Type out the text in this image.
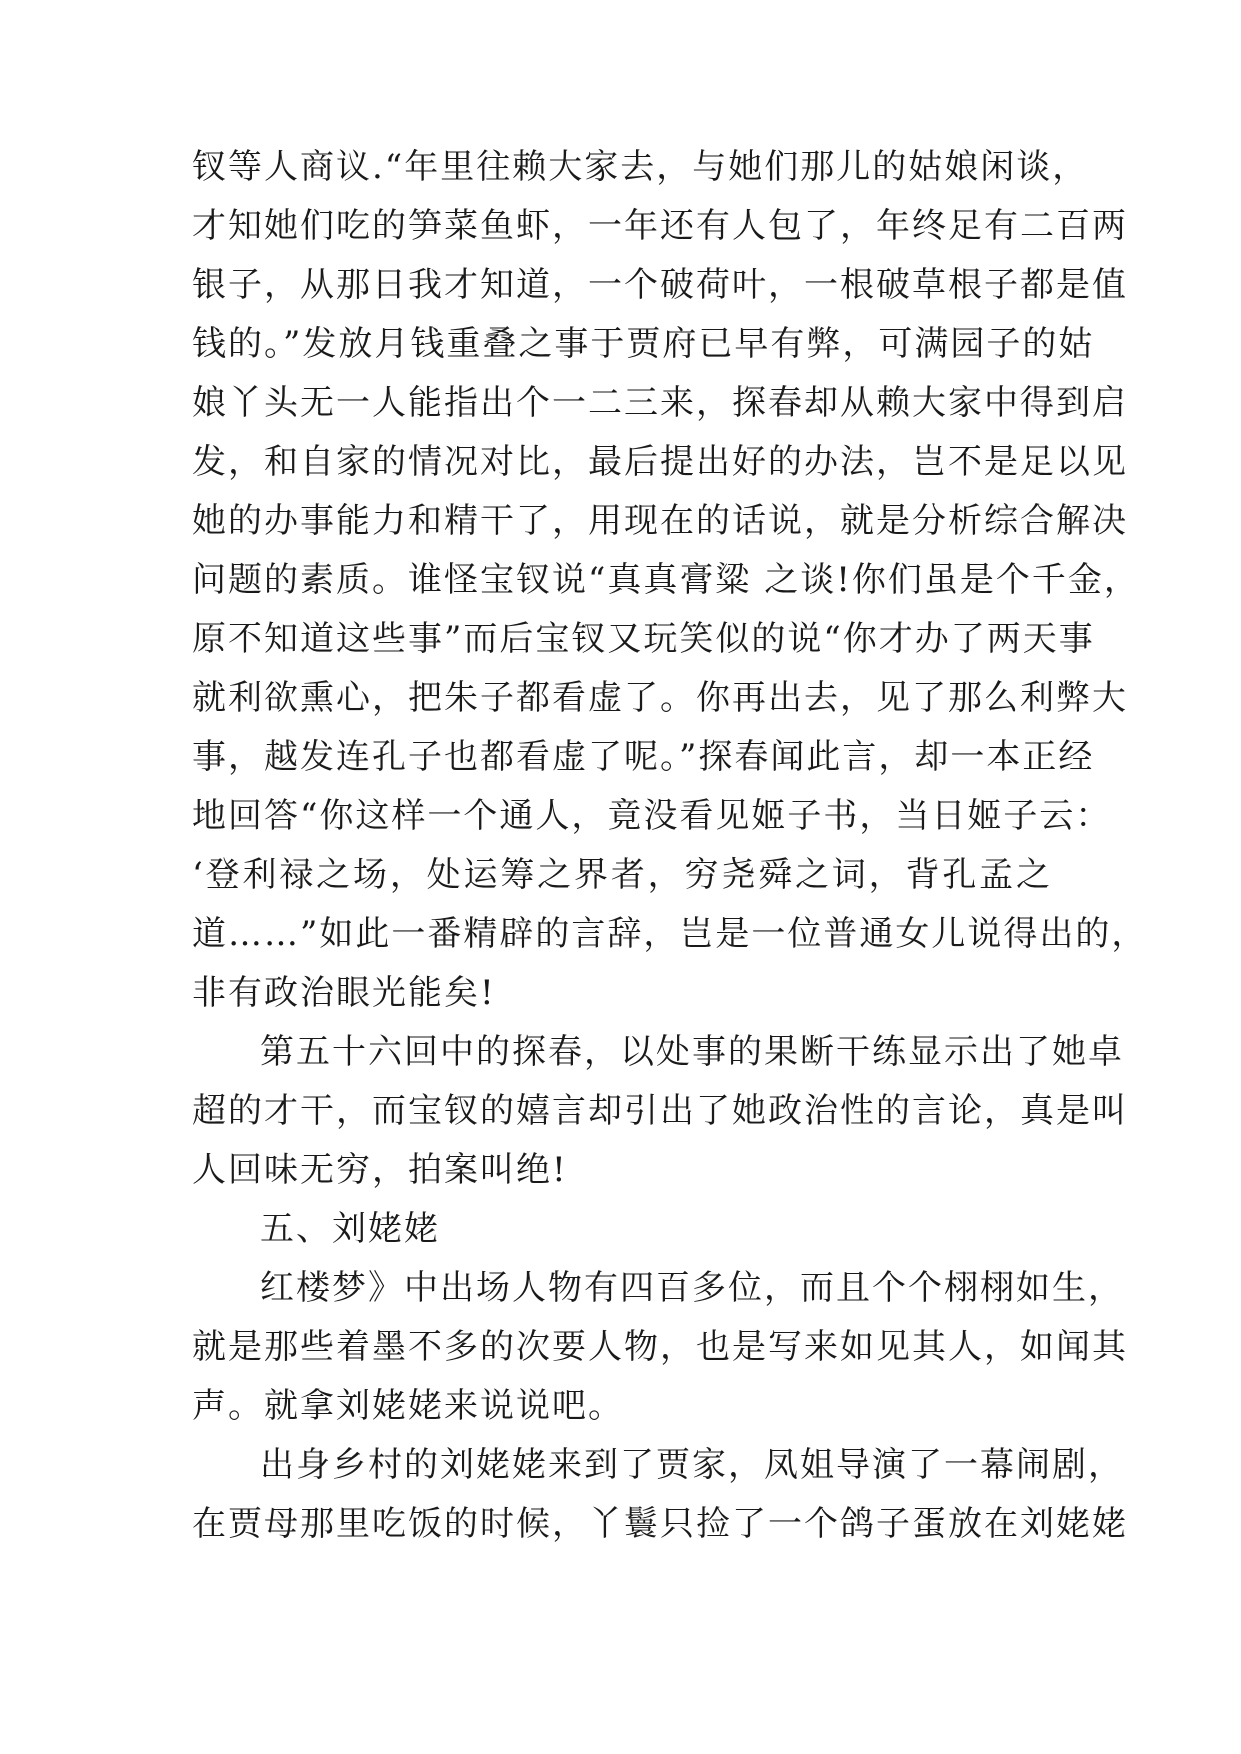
钗等人商议.“年里往赖大家去，与她们那儿的姑娘闲谈，
才知她们吃的笋菜鱼虾，一年还有人包了，年终足有二百两
银子，从那日我才知道，一个破荷叶，一根破草根子都是值
钱的。”发放月钱重叠之事于贾府已早有弊，可满园子的姑
娘丫头无一人能指出个一二三来，探春却从赖大家中得到启
发，和自家的情况对比，最后提出好的办法，岂不是足以见
她的办事能力和精干了，用现在的话说，就是分析综合解决
问题的素质。谁怪宝钗说“真真膏粱 之谈!你们虽是个千金，
原不知道这些事”而后宝钗又玩笑似的说“你才办了两天事
就利欲熏心，把朱子都看虚了。你再出去，见了那么利弊大
事，越发连孔子也都看虚了呢。”探春闻此言，却一本正经
地回答“你这样一个通人，竟没看见姬子书，当日姬子云：
‘登利禄之场，处运筹之界者，穷尧舜之词，背孔孟之
道……”如此一番精辟的言辞，岂是一位普通女儿说得出的，
非有政治眼光能矣!
第五十六回中的探春，以处事的果断干练显示出了她卓
超的才干，而宝钗的嬉言却引出了她政治性的言论，真是叫
人回味无穷，拍案叫绝!
五、刘姥姥
红楼梦》中出场人物有四百多位，而且个个栩栩如生，
就是那些着墨不多的次要人物，也是写来如见其人，如闻其
声。就拿刘姥姥来说说吧。
出身乡村的刘姥姥来到了贾家，凤姐导演了一幕闹剧，
在贾母那里吃饭的时候，丫鬟只捡了一个鸽子蛋放在刘姥姥
